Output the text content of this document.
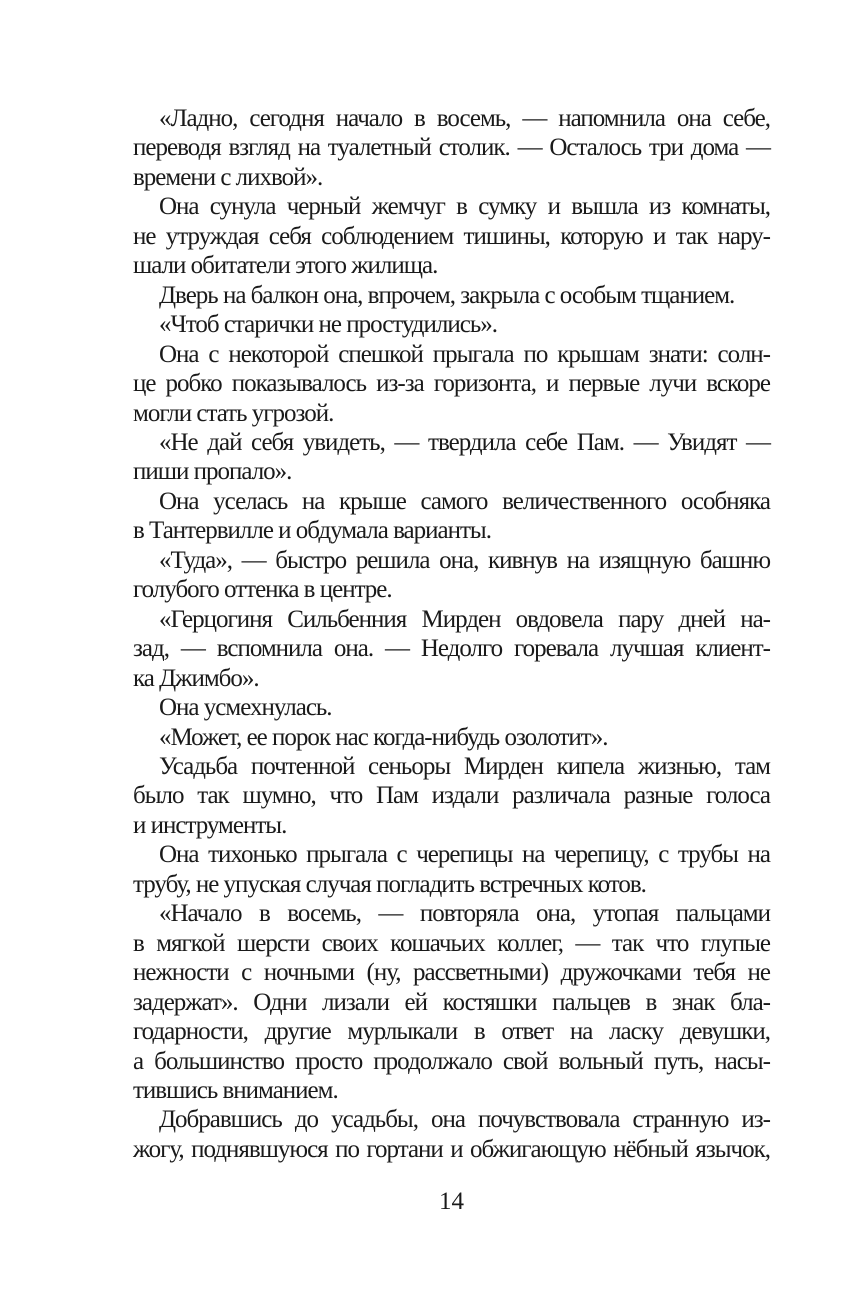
«Ладно, сегодня начало в восемь, — напомнила она себе,
переводя взгляд на туалетный столик. — Осталось три дома —
времени с лихвой».

Она сунула черный жемчуг в сумку и вышла из комнаты,
не утруждая себя соблюдением тишины, которую и так нару-
шали обитатели этого жилища.

Дверь на балкон она, впрочем, закрыла с особым тщанием.

«Чтоб старички не простудились».

Она с некоторой спешкой прыгала по крышам знати: солн-
це робко показывалось из-за горизонта, и первые лучи вскоре
могли стать угрозой.

«Не дай себя увидеть, — твердила себе Пам. — Увидят —
пиши пропало».

Она уселась на крыше самого величественного особняка
в Тантервилле и обдумала варианты.

«Туда», — быстро решила она, кивнув на изящную башню
голубого оттенка в центре.

«Герцогиня Сильбенния Мирден овдовела пару дней на-
зад, — вспомнила она. — Недолго горевала лучшая клиент-
ка Джимбо».

Она усмехнулась.

«Может, ее порок нас когда-нибудь озолотит».

Усадьба почтенной сеньоры Мирден кипела жизнью, там
было так шумно, что Пам издали различала разные голоса
и инструменты.

Она тихонько прыгала с черепицы на черепицу, с трубы на
трубу, не упуская случая погладить встречных котов.

«Начало в восемь, — повторяла она, утопая пальцами
в мягкой шерсти своих кошачьих коллег, — так что глупые
нежности с ночными (ну, рассветными) дружочками тебя не
задержат». Одни лизали ей костяшки пальцев в знак бла-
годарности, другие мурлыкали в ответ на ласку девушки,
а большинство просто продолжало свой вольный путь, насы-
тившись вниманием.

Добравшись до усадьбы, она почувствовала странную из-
жогу, поднявшуюся по гортани и обжигающую нёбный язычок,

14
